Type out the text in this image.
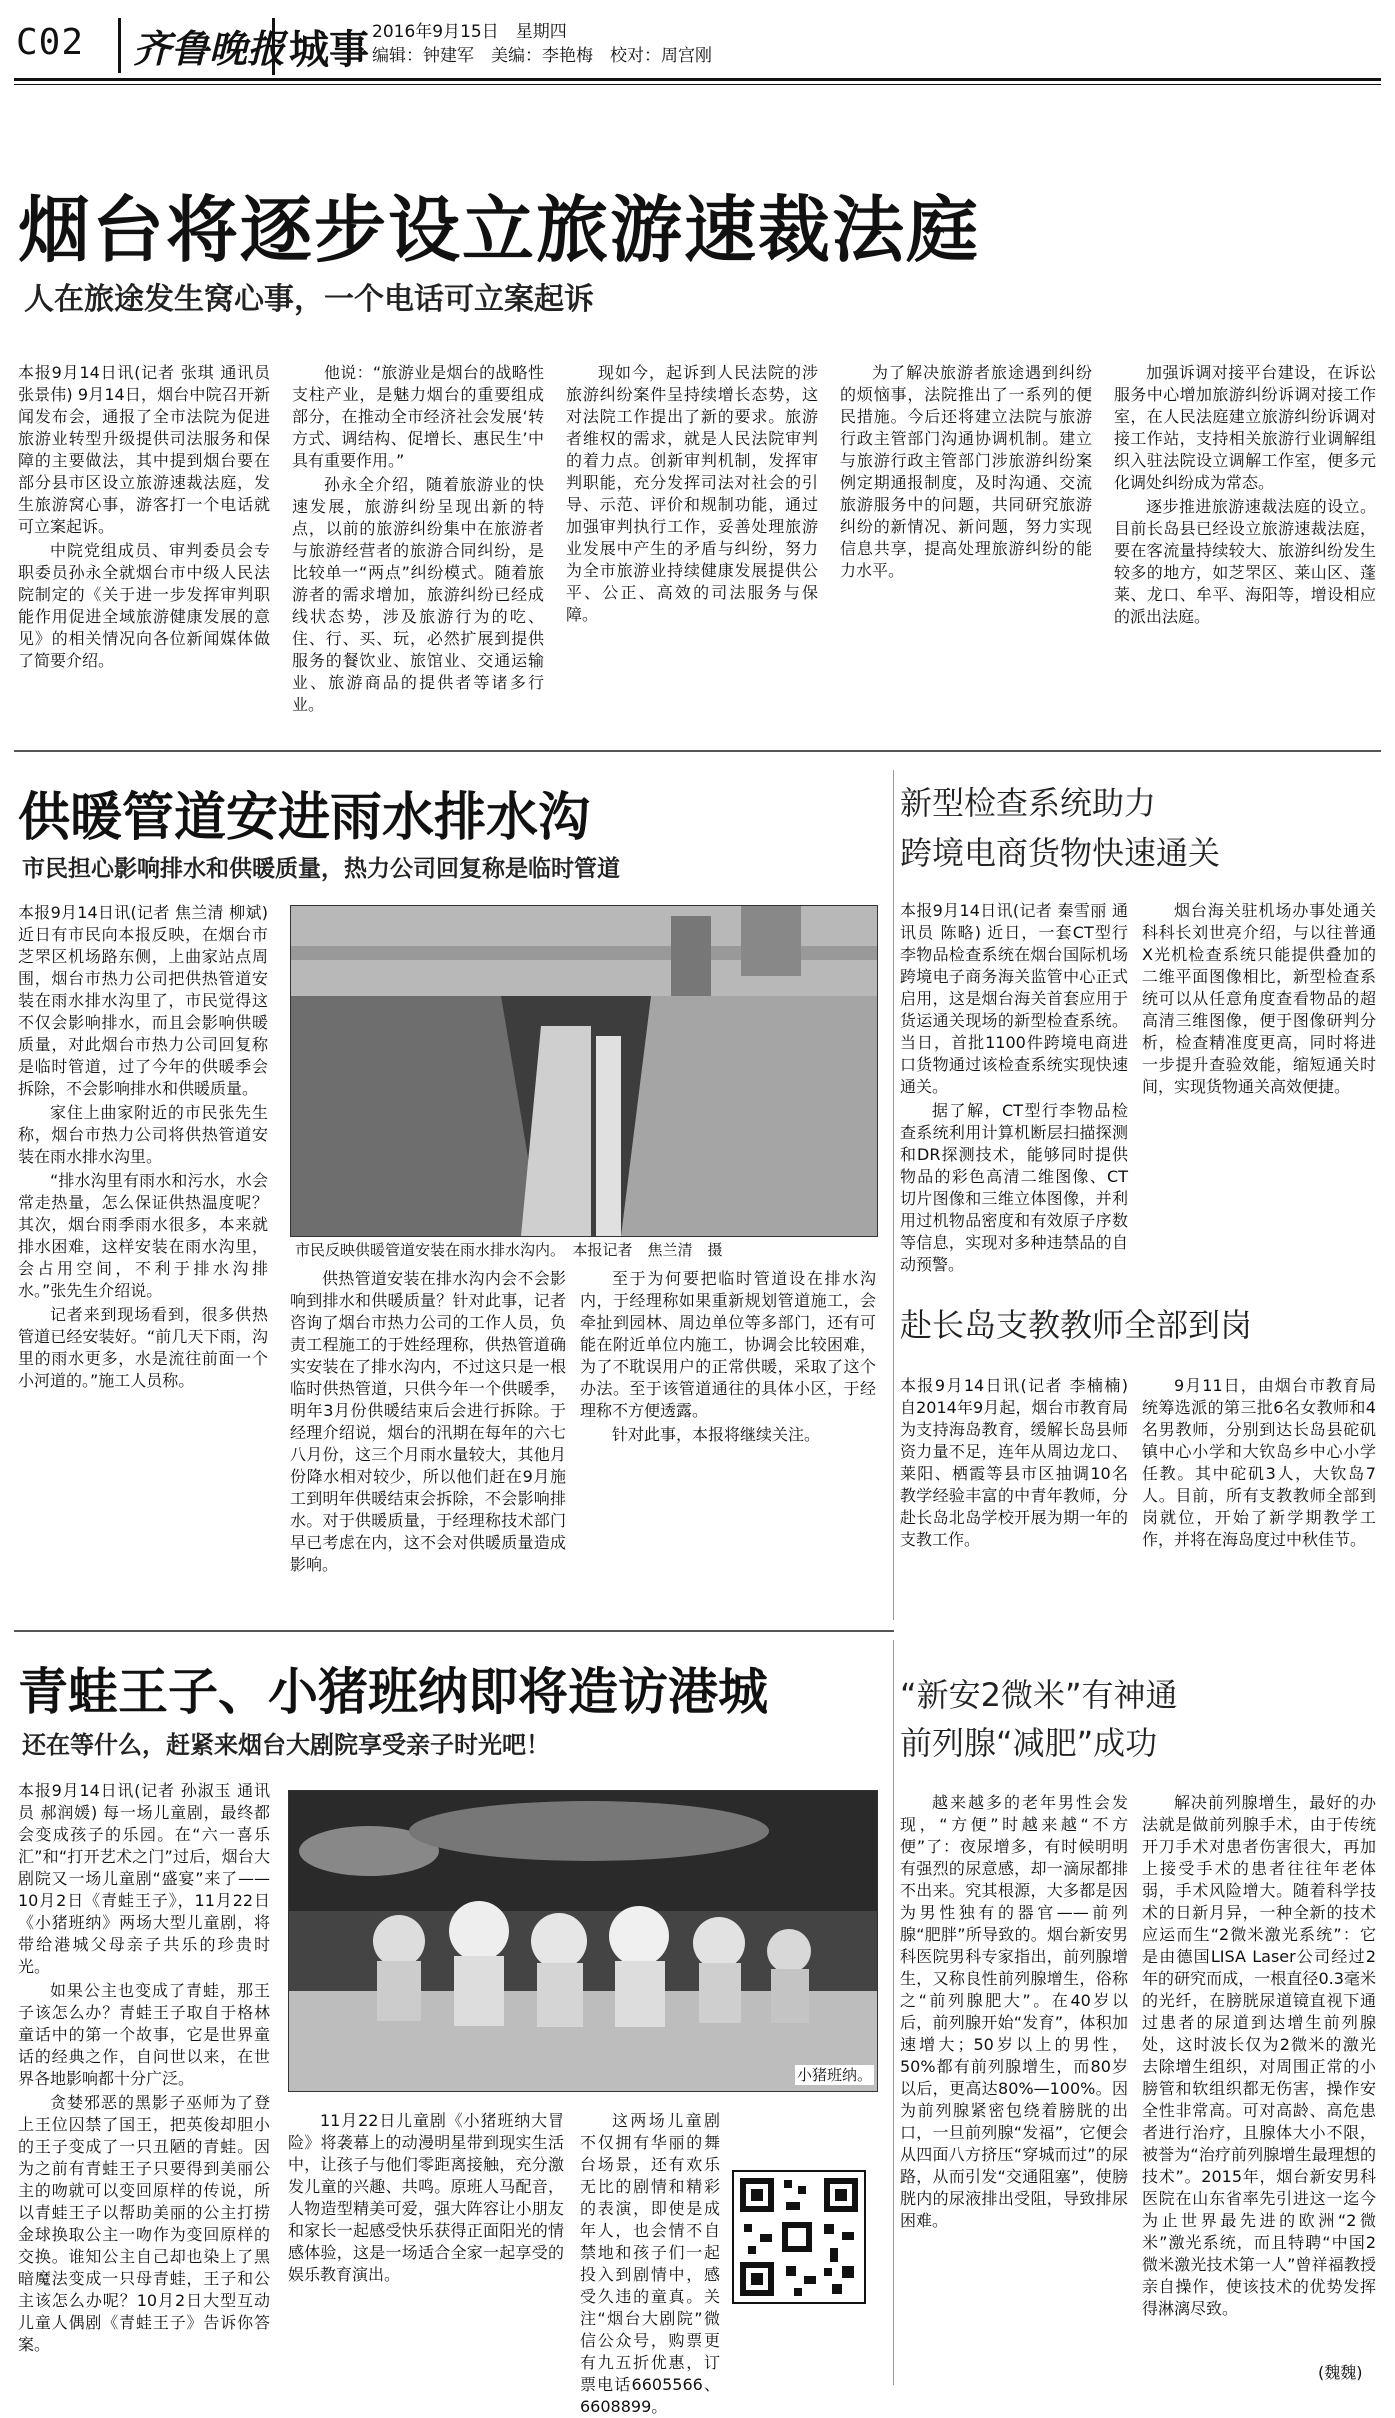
C02	齐鲁晚报 城事 2016年9月15日　星期四
编辑：钟建军　美编：李艳梅　校对：周宫刚
烟台将逐步设立旅游速裁法庭
人在旅途发生窝心事，一个电话可立案起诉

本报9月14日讯(记者 张琪 通讯员 张景伟) 9月14日，烟台中院召开新闻发布会，通报了全市法院为促进旅游业转型升级提供司法服务和保障的主要做法，其中提到烟台要在部分县市区设立旅游速裁法庭，发生旅游窝心事，游客打一个电话就可立案起诉。

中院党组成员、审判委员会专职委员孙永全就烟台市中级人民法院制定的《关于进一步发挥审判职能作用促进全域旅游健康发展的意见》的相关情况向各位新闻媒体做了简要介绍。

他说：“旅游业是烟台的战略性支柱产业，是魅力烟台的重要组成部分，在推动全市经济社会发展‘转方式、调结构、促增长、惠民生’中具有重要作用。”

孙永全介绍，随着旅游业的快速发展，旅游纠纷呈现出新的特点，以前的旅游纠纷集中在旅游者与旅游经营者的旅游合同纠纷，是比较单一“两点”纠纷模式。随着旅游者的需求增加，旅游纠纷已经成线状态势，涉及旅游行为的吃、住、行、买、玩，必然扩展到提供服务的餐饮业、旅馆业、交通运输业、旅游商品的提供者等诸多行业。

现如今，起诉到人民法院的涉旅游纠纷案件呈持续增长态势，这对法院工作提出了新的要求。旅游者维权的需求，就是人民法院审判的着力点。创新审判机制，发挥审判职能，充分发挥司法对社会的引导、示范、评价和规制功能，通过加强审判执行工作，妥善处理旅游业发展中产生的矛盾与纠纷，努力为全市旅游业持续健康发展提供公平、公正、高效的司法服务与保障。

为了解决旅游者旅途遇到纠纷的烦恼事，法院推出了一系列的便民措施。今后还将建立法院与旅游行政主管部门沟通协调机制。建立与旅游行政主管部门涉旅游纠纷案例定期通报制度，及时沟通、交流旅游服务中的问题，共同研究旅游纠纷的新情况、新问题，努力实现信息共享，提高处理旅游纠纷的能力水平。

加强诉调对接平台建设，在诉讼服务中心增加旅游纠纷诉调对接工作室，在人民法庭建立旅游纠纷诉调对接工作站，支持相关旅游行业调解组织入驻法院设立调解工作室，便多元化调处纠纷成为常态。

逐步推进旅游速裁法庭的设立。目前长岛县已经设立旅游速裁法庭，要在客流量持续较大、旅游纠纷发生较多的地方，如芝罘区、莱山区、蓬莱、龙口、牟平、海阳等，增设相应的派出法庭。

供暖管道安进雨水排水沟
市民担心影响排水和供暖质量，热力公司回复称是临时管道

本报9月14日讯(记者 焦兰清 柳斌) 近日有市民向本报反映，在烟台市芝罘区机场路东侧，上曲家站点周围，烟台市热力公司把供热管道安装在雨水排水沟里了，市民觉得这不仅会影响排水，而且会影响供暖质量，对此烟台市热力公司回复称是临时管道，过了今年的供暖季会拆除，不会影响排水和供暖质量。

家住上曲家附近的市民张先生称，烟台市热力公司将供热管道安装在雨水排水沟里。

“排水沟里有雨水和污水，水会常走热量，怎么保证供热温度呢？其次，烟台雨季雨水很多，本来就排水困难，这样安装在雨水沟里，会占用空间，不利于排水沟排水。”张先生介绍说。

记者来到现场看到，很多供热管道已经安装好。“前几天下雨，沟里的雨水更多，水是流往前面一个小河道的。”施工人员称。

市民反映供暖管道安装在雨水排水沟内。　本报记者　焦兰清　摄

供热管道安装在排水沟内会不会影响到排水和供暖质量？针对此事，记者咨询了烟台市热力公司的工作人员，负责工程施工的于姓经理称，供热管道确实安装在了排水沟内，不过这只是一根临时供热管道，只供今年一个供暖季，明年3月份供暖结束后会进行拆除。于经理介绍说，烟台的汛期在每年的六七八月份，这三个月雨水量较大，其他月份降水相对较少，所以他们赶在9月施工到明年供暖结束会拆除，不会影响排水。对于供暖质量，于经理称技术部门早已考虑在内，这不会对供暖质量造成影响。

至于为何要把临时管道设在排水沟内，于经理称如果重新规划管道施工，会牵扯到园林、周边单位等多部门，还有可能在附近单位内施工，协调会比较困难，为了不耽误用户的正常供暖，采取了这个办法。至于该管道通往的具体小区，于经理称不方便透露。

针对此事，本报将继续关注。

新型检查系统助力
跨境电商货物快速通关

本报9月14日讯(记者 秦雪丽 通讯员 陈略) 近日，一套CT型行李物品检查系统在烟台国际机场跨境电子商务海关监管中心正式启用，这是烟台海关首套应用于货运通关现场的新型检查系统。当日，首批1100件跨境电商进口货物通过该检查系统实现快速通关。

据了解，CT型行李物品检查系统利用计算机断层扫描探测和DR探测技术，能够同时提供物品的彩色高清二维图像、CT切片图像和三维立体图像，并利用过机物品密度和有效原子序数等信息，实现对多种违禁品的自动预警。

烟台海关驻机场办事处通关科科长刘世亮介绍，与以往普通X光机检查系统只能提供叠加的二维平面图像相比，新型检查系统可以从任意角度查看物品的超高清三维图像，便于图像研判分析，检查精准度更高，同时将进一步提升查验效能，缩短通关时间，实现货物通关高效便捷。

赴长岛支教教师全部到岗

本报9月14日讯(记者 李楠楠) 自2014年9月起，烟台市教育局为支持海岛教育，缓解长岛县师资力量不足，连年从周边龙口、莱阳、栖霞等县市区抽调10名教学经验丰富的中青年教师，分赴长岛北岛学校开展为期一年的支教工作。

9月11日，由烟台市教育局统筹选派的第三批6名女教师和4名男教师，分别到达长岛县砣矶镇中心小学和大钦岛乡中心小学任教。其中砣矶3人，大钦岛7人。目前，所有支教教师全部到岗就位，开始了新学期教学工作，并将在海岛度过中秋佳节。

青蛙王子、小猪班纳即将造访港城
还在等什么，赶紧来烟台大剧院享受亲子时光吧！

本报9月14日讯(记者 孙淑玉 通讯员 郝润媛) 每一场儿童剧，最终都会变成孩子的乐园。在“六一喜乐汇”和“打开艺术之门”过后，烟台大剧院又一场儿童剧“盛宴”来了——10月2日《青蛙王子》，11月22日《小猪班纳》两场大型儿童剧，将带给港城父母亲子共乐的珍贵时光。

如果公主也变成了青蛙，那王子该怎么办？青蛙王子取自于格林童话中的第一个故事，它是世界童话的经典之作，自问世以来，在世界各地影响都十分广泛。

贪婪邪恶的黑影子巫师为了登上王位囚禁了国王，把英俊却胆小的王子变成了一只丑陋的青蛙。因为之前有青蛙王子只要得到美丽公主的吻就可以变回原样的传说，所以青蛙王子以帮助美丽的公主打捞金球换取公主一吻作为变回原样的交换。谁知公主自己却也染上了黑暗魔法变成一只母青蛙，王子和公主该怎么办呢？10月2日大型互动儿童人偶剧《青蛙王子》告诉你答案。

小猪班纳。

11月22日儿童剧《小猪班纳大冒险》将袭幕上的动漫明星带到现实生活中，让孩子与他们零距离接触，充分激发儿童的兴趣、共鸣。原班人马配音，人物造型精美可爱，强大阵容让小朋友和家长一起感受快乐获得正面阳光的情感体验，这是一场适合全家一起享受的娱乐教育演出。

这两场儿童剧不仅拥有华丽的舞台场景，还有欢乐无比的剧情和精彩的表演，即使是成年人，也会情不自禁地和孩子们一起投入到剧情中，感受久违的童真。关注“烟台大剧院”微信公众号，购票更有九五折优惠，订票电话6605566、6608899。

“新安2微米”有神通
前列腺“减肥”成功

越来越多的老年男性会发现，“方便”时越来越“不方便”了：夜尿增多，有时候明明有强烈的尿意感，却一滴尿都排不出来。究其根源，大多都是因为男性独有的器官——前列腺“肥胖”所导致的。烟台新安男科医院男科专家指出，前列腺增生，又称良性前列腺增生，俗称之“前列腺肥大”。在40岁以后，前列腺开始“发育”，体积加速增大；50岁以上的男性，50%都有前列腺增生，而80岁以后，更高达80%—100%。因为前列腺紧密包绕着膀胱的出口，一旦前列腺“发福”，它便会从四面八方挤压“穿城而过”的尿路，从而引发“交通阻塞”，使膀胱内的尿液排出受阻，导致排尿困难。

解决前列腺增生，最好的办法就是做前列腺手术，由于传统开刀手术对患者伤害很大，再加上接受手术的患者往往年老体弱，手术风险增大。随着科学技术的日新月异，一种全新的技术应运而生“2微米激光系统”：它是由德国LISA Laser公司经过2年的研究而成，一根直径0.3毫米的光纤，在膀胱尿道镜直视下通过患者的尿道到达增生前列腺处，这时波长仅为2微米的激光去除增生组织，对周围正常的小膀管和软组织都无伤害，操作安全性非常高。可对高龄、高危患者进行治疗，且腺体大小不限，被誉为“治疗前列腺增生最理想的技术”。2015年，烟台新安男科医院在山东省率先引进这一迄今为止世界最先进的欧洲“2微米”激光系统，而且特聘“中国2微米激光技术第一人”曾祥福教授亲自操作，使该技术的优势发挥得淋漓尽致。

(魏魏)
